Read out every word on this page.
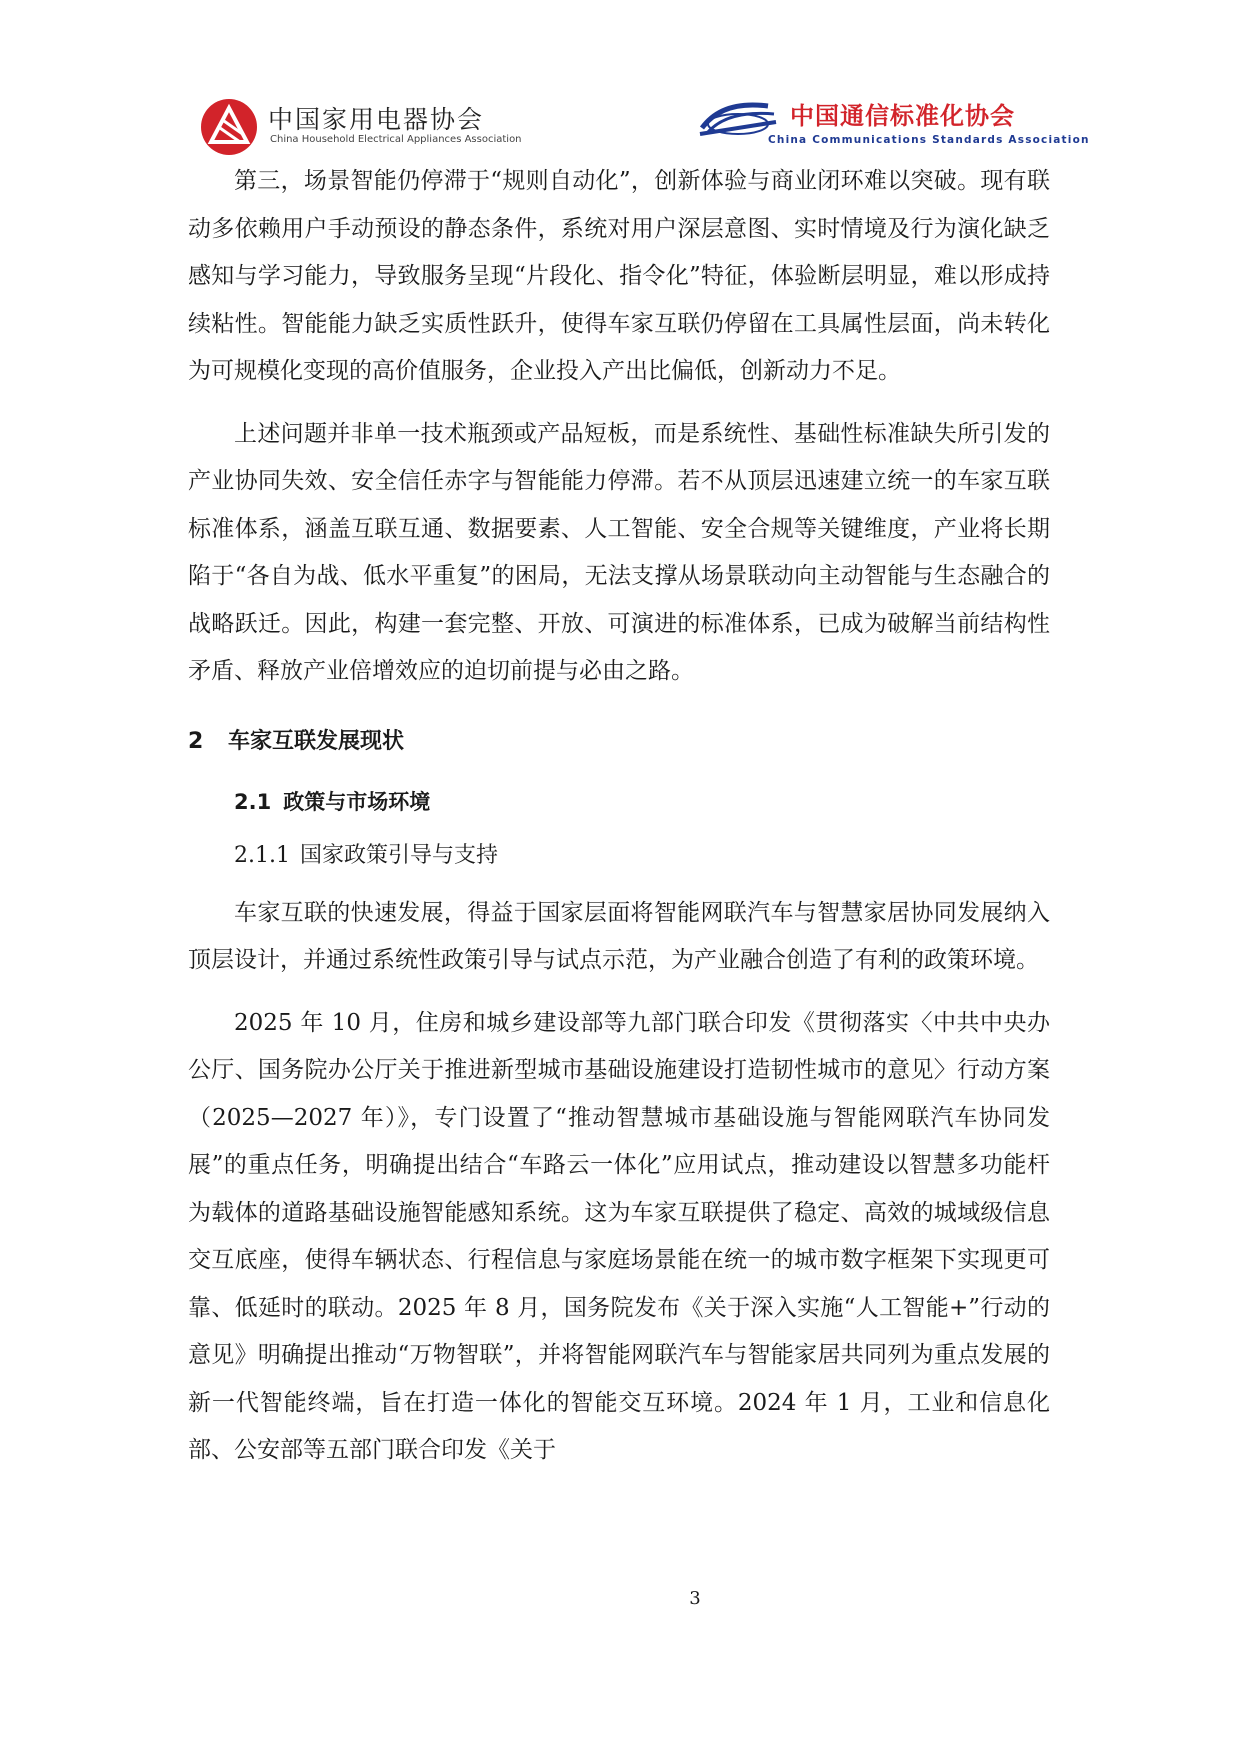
中国家用电器协会
China Household Electrical Appliances Association
中国通信标准化协会
China Communications Standards Association

第三，场景智能仍停滞于“规则自动化”，创新体验与商业闭环难以突破。现有联动多依赖用户手动预设的静态条件，系统对用户深层意图、实时情境及行为演化缺乏感知与学习能力，导致服务呈现“片段化、指令化”特征，体验断层明显，难以形成持续粘性。智能能力缺乏实质性跃升，使得车家互联仍停留在工具属性层面，尚未转化为可规模化变现的高价值服务，企业投入产出比偏低，创新动力不足。

上述问题并非单一技术瓶颈或产品短板，而是系统性、基础性标准缺失所引发的产业协同失效、安全信任赤字与智能能力停滞。若不从顶层迅速建立统一的车家互联标准体系，涵盖互联互通、数据要素、人工智能、安全合规等关键维度，产业将长期陷于“各自为战、低水平重复”的困局，无法支撑从场景联动向主动智能与生态融合的战略跃迁。因此，构建一套完整、开放、可演进的标准体系，已成为破解当前结构性矛盾、释放产业倍增效应的迫切前提与必由之路。

2 车家互联发展现状
2.1 政策与市场环境
2.1.1 国家政策引导与支持

车家互联的快速发展，得益于国家层面将智能网联汽车与智慧家居协同发展纳入顶层设计，并通过系统性政策引导与试点示范，为产业融合创造了有利的政策环境。

2025 年 10 月，住房和城乡建设部等九部门联合印发《贯彻落实〈中共中央办公厅、国务院办公厅关于推进新型城市基础设施建设打造韧性城市的意见〉行动方案（2025—2027 年）》，专门设置了“推动智慧城市基础设施与智能网联汽车协同发展”的重点任务，明确提出结合“车路云一体化”应用试点，推动建设以智慧多功能杆为载体的道路基础设施智能感知系统。这为车家互联提供了稳定、高效的城域级信息交互底座，使得车辆状态、行程信息与家庭场景能在统一的城市数字框架下实现更可靠、低延时的联动。2025 年 8 月，国务院发布《关于深入实施“人工智能+”行动的意见》明确提出推动“万物智联”，并将智能网联汽车与智能家居共同列为重点发展的新一代智能终端，旨在打造一体化的智能交互环境。2024 年 1 月，工业和信息化部、公安部等五部门联合印发《关于

3
